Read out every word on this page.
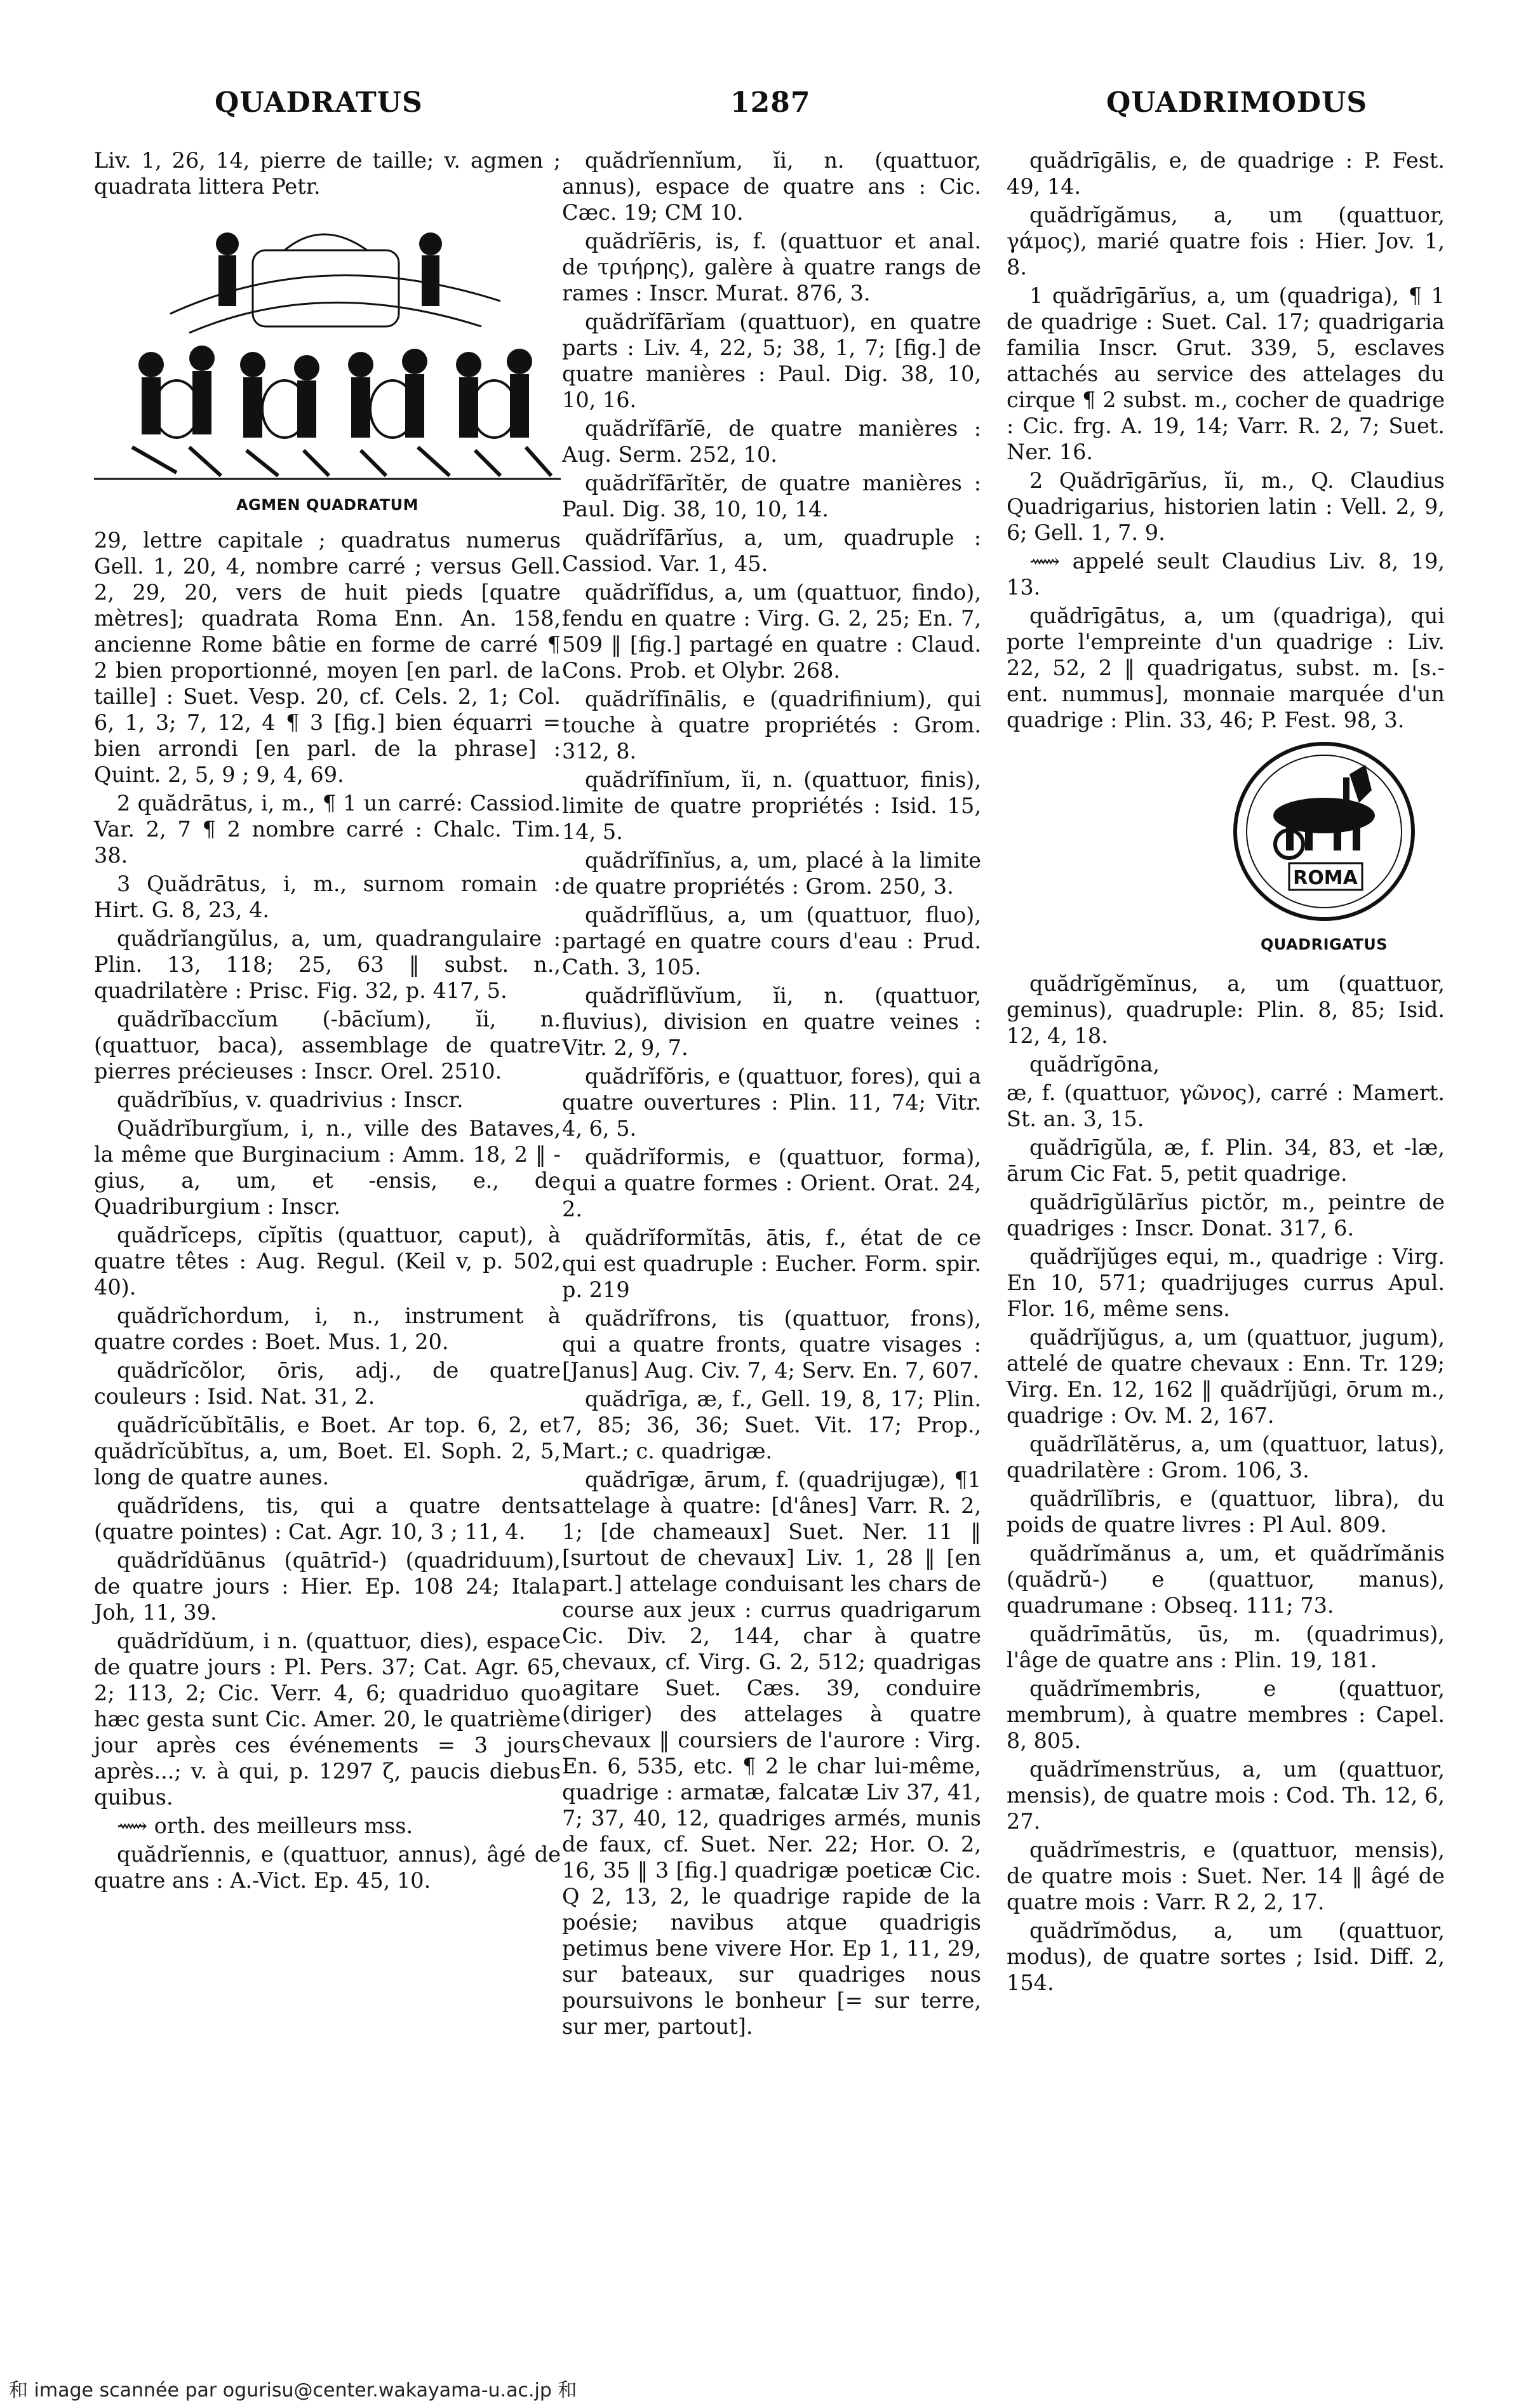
QUADRATUS	1287	QUADRIMODUS

Liv. 1, 26, 14, pierre de taille; v. agmen ; quadrata littera Petr.

AGMEN QUADRATUM

29, lettre capitale ; quadratus numerus Gell. 1, 20, 4, nombre carré ; versus Gell. 2, 29, 20, vers de huit pieds [quatre mètres]; quadrata Roma Enn. An. 158, ancienne Rome bâtie en forme de carré ¶ 2 bien proportionné, moyen [en parl. de la taille] : Suet. Vesp. 20, cf. Cels. 2, 1; Col. 6, 1, 3; 7, 12, 4 ¶ 3 [fig.] bien équarri = bien arrondi [en parl. de la phrase] : Quint. 2, 5, 9 ; 9, 4, 69.

2 quădrātus, i, m., ¶ 1 un carré: Cassiod. Var. 2, 7 ¶ 2 nombre carré : Chalc. Tim. 38.

3 Quădrātus, i, m., surnom romain : Hirt. G. 8, 23, 4.

quădrĭangŭlus, a, um, quadrangulaire : Plin. 13, 118; 25, 63 ‖ subst. n., quadrilatère : Prisc. Fig. 32, p. 417, 5.

quădrĭbaccĭum (-bācĭum), ĭi, n. (quattuor, baca), assemblage de quatre pierres précieuses : Inscr. Orel. 2510.

quădrĭbĭus, v. quadrivius : Inscr.

Quădrĭburgĭum, i, n., ville des Bataves, la même que Burginacium : Amm. 18, 2 ‖ -gius, a, um, et -ensis, e., de Quadriburgium : Inscr.

quădrĭceps, cĭpĭtis (quattuor, caput), à quatre têtes : Aug. Regul. (Keil v, p. 502, 40).

quădrĭchordum, i, n., instrument à quatre cordes : Boet. Mus. 1, 20.

quădrĭcŏlor, ōris, adj., de quatre couleurs : Isid. Nat. 31, 2.

quădrĭcŭbĭtālis, e Boet. Ar top. 6, 2, et quădrĭcŭbĭtus, a, um, Boet. El. Soph. 2, 5, long de quatre aunes.

quădrĭdens, tis, qui a quatre dents (quatre pointes) : Cat. Agr. 10, 3 ; 11, 4.

quădrĭdŭānus (quātrīd-) (quadriduum), de quatre jours : Hier. Ep. 108 24; Itala Joh, 11, 39.

quădrĭdŭum, i n. (quattuor, dies), espace de quatre jours : Pl. Pers. 37; Cat. Agr. 65, 2; 113, 2; Cic. Verr. 4, 6; quadriduo quo hæc gesta sunt Cic. Amer. 20, le quatrième jour après ces événements = 3 jours après...; v. à qui, p. 1297 ζ, paucis diebus quibus.

⟿ orth. des meilleurs mss.

quădrĭennis, e (quattuor, annus), âgé de quatre ans : A.-Vict. Ep. 45, 10.

quădrĭennĭum, ĭi, n. (quattuor, annus), espace de quatre ans : Cic. Cæc. 19; CM 10.

quădrĭēris, is, f. (quattuor et anal. de τριήρης), galère à quatre rangs de rames : Inscr. Murat. 876, 3.

quădrĭfārĭam (quattuor), en quatre parts : Liv. 4, 22, 5; 38, 1, 7; [fig.] de quatre manières : Paul. Dig. 38, 10, 10, 16.

quădrĭfārĭē, de quatre manières : Aug. Serm. 252, 10.

quădrĭfārĭtĕr, de quatre manières : Paul. Dig. 38, 10, 10, 14.

quădrĭfārĭus, a, um, quadruple : Cassiod. Var. 1, 45.

quădrĭfĭdus, a, um (quattuor, findo), fendu en quatre : Virg. G. 2, 25; En. 7, 509 ‖ [fig.] partagé en quatre : Claud. Cons. Prob. et Olybr. 268.

quădrĭfīnālis, e (quadrifinium), qui touche à quatre propriétés : Grom. 312, 8.

quădrĭfīnĭum, ĭi, n. (quattuor, finis), limite de quatre propriétés : Isid. 15, 14, 5.

quădrĭfīnĭus, a, um, placé à la limite de quatre propriétés : Grom. 250, 3.

quădrĭflŭus, a, um (quattuor, fluo), partagé en quatre cours d'eau : Prud. Cath. 3, 105.

quădrĭflŭvĭum, ĭi, n. (quattuor, fluvius), division en quatre veines : Vitr. 2, 9, 7.

quădrĭfŏris, e (quattuor, fores), qui a quatre ouvertures : Plin. 11, 74; Vitr. 4, 6, 5.

quădrĭformis, e (quattuor, forma), qui a quatre formes : Orient. Orat. 24, 2.

quădrĭformĭtās, ātis, f., état de ce qui est quadruple : Eucher. Form. spir. p. 219

quădrĭfrons, tis (quattuor, frons), qui a quatre fronts, quatre visages : [Janus] Aug. Civ. 7, 4; Serv. En. 7, 607.

quădrīga, æ, f., Gell. 19, 8, 17; Plin. 7, 85; 36, 36; Suet. Vit. 17; Prop., Mart.; c. quadrigæ.

quădrīgæ, ārum, f. (quadrijugæ), ¶1 attelage à quatre: [d'ânes] Varr. R. 2, 1; [de chameaux] Suet. Ner. 11 ‖ [surtout de chevaux] Liv. 1, 28 ‖ [en part.] attelage conduisant les chars de course aux jeux : currus quadrigarum Cic. Div. 2, 144, char à quatre chevaux, cf. Virg. G. 2, 512; quadrigas agitare Suet. Cæs. 39, conduire (diriger) des attelages à quatre chevaux ‖ coursiers de l'aurore : Virg. En. 6, 535, etc. ¶ 2 le char lui-même, quadrige : armatæ, falcatæ Liv 37, 41, 7; 37, 40, 12, quadriges armés, munis de faux, cf. Suet. Ner. 22; Hor. O. 2, 16, 35 ‖ 3 [fig.] quadrigæ poeticæ Cic. Q 2, 13, 2, le quadrige rapide de la poésie; navibus atque quadrigis petimus bene vivere Hor. Ep 1, 11, 29, sur bateaux, sur quadriges nous poursuivons le bonheur [= sur terre, sur mer, partout].

quădrīgālis, e, de quadrige : P. Fest. 49, 14.

quădrĭgămus, a, um (quattuor, γάμος), marié quatre fois : Hier. Jov. 1, 8.

1 quădrīgārĭus, a, um (quadriga), ¶ 1 de quadrige : Suet. Cal. 17; quadrigaria familia Inscr. Grut. 339, 5, esclaves attachés au service des attelages du cirque ¶ 2 subst. m., cocher de quadrige : Cic. frg. A. 19, 14; Varr. R. 2, 7; Suet. Ner. 16.

2 Quădrīgārĭus, ĭi, m., Q. Claudius Quadrigarius, historien latin : Vell. 2, 9, 6; Gell. 1, 7. 9.

⟿ appelé seult Claudius Liv. 8, 19, 13.

quădrīgātus, a, um (quadriga), qui porte l'empreinte d'un quadrige : Liv. 22, 52, 2 ‖ quadrigatus, subst. m. [s.-ent. nummus], monnaie marquée d'un quadrige : Plin. 33, 46; P. Fest. 98, 3.

ROMA
QUADRIGATUS

quădrĭgĕmĭnus, a, um (quattuor, geminus), quadruple: Plin. 8, 85; Isid. 12, 4, 18.

quădrĭgōna,

æ, f. (quattuor, γῶνος), carré : Mamert. St. an. 3, 15.

quădrīgŭla, æ, f. Plin. 34, 83, et -læ, ārum Cic Fat. 5, petit quadrige.

quădrīgŭlārĭus pictŏr, m., peintre de quadriges : Inscr. Donat. 317, 6.

quădrĭjŭges equi, m., quadrige : Virg. En 10, 571; quadrijuges currus Apul. Flor. 16, même sens.

quădrĭjŭgus, a, um (quattuor, jugum), attelé de quatre chevaux : Enn. Tr. 129; Virg. En. 12, 162 ‖ quădrĭjŭgi, ōrum m., quadrige : Ov. M. 2, 167.

quădrĭlătĕrus, a, um (quattuor, latus), quadrilatère : Grom. 106, 3.

quădrĭlĭbris, e (quattuor, libra), du poids de quatre livres : Pl Aul. 809.

quădrĭmănus a, um, et quădrĭmănis (quădrŭ-) e (quattuor, manus), quadrumane : Obseq. 111; 73.

quădrīmātŭs, ūs, m. (quadrimus), l'âge de quatre ans : Plin. 19, 181.

quădrĭmembris, e (quattuor, membrum), à quatre membres : Capel. 8, 805.

quădrĭmenstrŭus, a, um (quattuor, mensis), de quatre mois : Cod. Th. 12, 6, 27.

quădrĭmestris, e (quattuor, mensis), de quatre mois : Suet. Ner. 14 ‖ âgé de quatre mois : Varr. R 2, 2, 17.

quădrĭmŏdus, a, um (quattuor, modus), de quatre sortes ; Isid. Diff. 2, 154.

和 image scannée par ogurisu@center.wakayama-u.ac.jp 和
